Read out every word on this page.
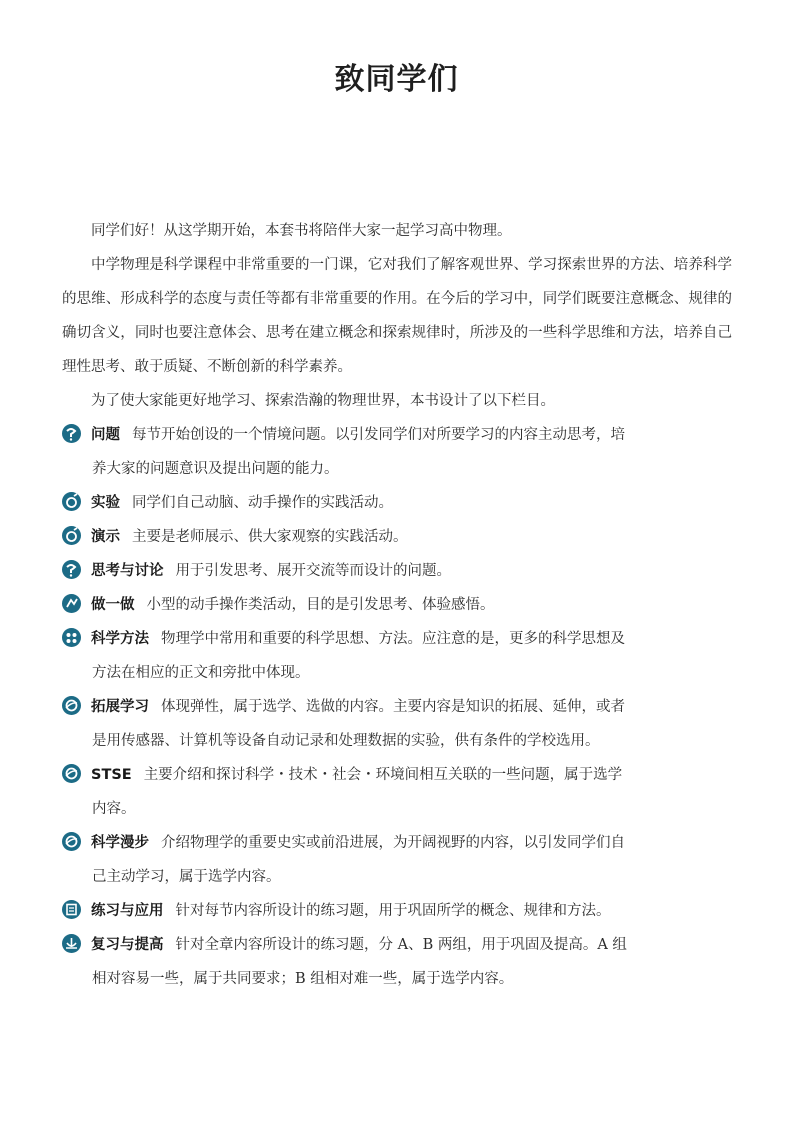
致同学们
同学们好！从这学期开始，本套书将陪伴大家一起学习高中物理。
中学物理是科学课程中非常重要的一门课，它对我们了解客观世界、学习探索世界的方法、培养科学的思维、形成科学的态度与责任等都有非常重要的作用。在今后的学习中，同学们既要注意概念、规律的确切含义，同时也要注意体会、思考在建立概念和探索规律时，所涉及的一些科学思维和方法，培养自己理性思考、敢于质疑、不断创新的科学素养。
为了使大家能更好地学习、探索浩瀚的物理世界，本书设计了以下栏目。
问题 每节开始创设的一个情境问题。以引发同学们对所要学习的内容主动思考，培
养大家的问题意识及提出问题的能力。
实验 同学们自己动脑、动手操作的实践活动。
演示 主要是老师展示、供大家观察的实践活动。
思考与讨论 用于引发思考、展开交流等而设计的问题。
做一做 小型的动手操作类活动，目的是引发思考、体验感悟。
科学方法 物理学中常用和重要的科学思想、方法。应注意的是，更多的科学思想及
方法在相应的正文和旁批中体现。
拓展学习 体现弹性，属于选学、选做的内容。主要内容是知识的拓展、延伸，或者
是用传感器、计算机等设备自动记录和处理数据的实验，供有条件的学校选用。
STSE 主要介绍和探讨科学・技术・社会・环境间相互关联的一些问题，属于选学
内容。
科学漫步 介绍物理学的重要史实或前沿进展，为开阔视野的内容，以引发同学们自
己主动学习，属于选学内容。
练习与应用 针对每节内容所设计的练习题，用于巩固所学的概念、规律和方法。
复习与提高 针对全章内容所设计的练习题，分 A、B 两组，用于巩固及提高。A 组
相对容易一些，属于共同要求；B 组相对难一些，属于选学内容。
